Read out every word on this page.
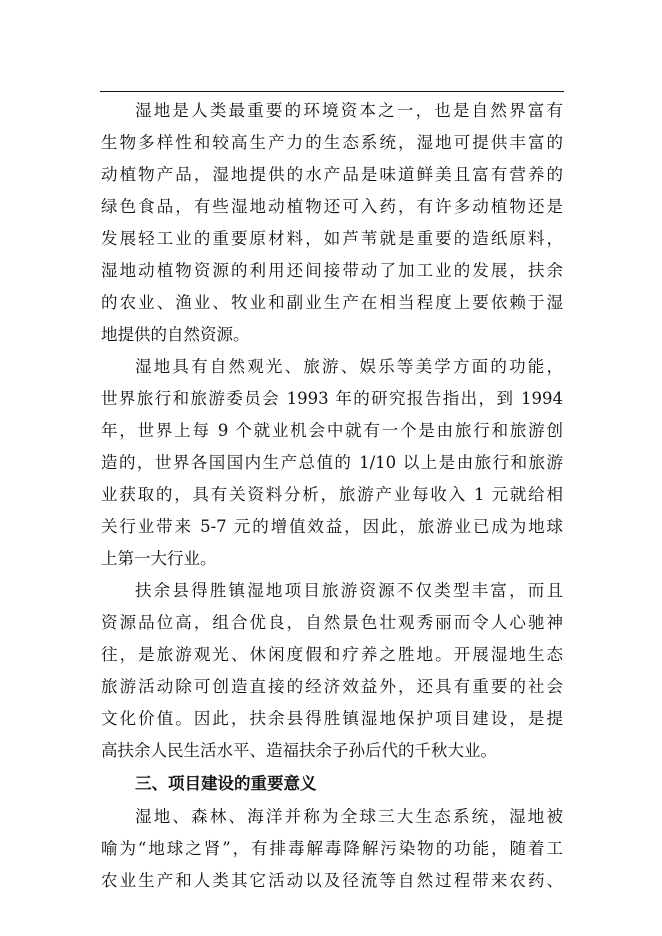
湿地是人类最重要的环境资本之一，也是自然界富有
生物多样性和较高生产力的生态系统，湿地可提供丰富的
动植物产品，湿地提供的水产品是味道鲜美且富有营养的
绿色食品，有些湿地动植物还可入药，有许多动植物还是
发展轻工业的重要原材料，如芦苇就是重要的造纸原料，
湿地动植物资源的利用还间接带动了加工业的发展，扶余
的农业、渔业、牧业和副业生产在相当程度上要依赖于湿
地提供的自然资源。
湿地具有自然观光、旅游、娱乐等美学方面的功能，
世界旅行和旅游委员会 1993 年的研究报告指出，到 1994
年，世界上每 9 个就业机会中就有一个是由旅行和旅游创
造的，世界各国国内生产总值的 1/10 以上是由旅行和旅游
业获取的，具有关资料分析，旅游产业每收入 1 元就给相
关行业带来 5-7 元的增值效益，因此，旅游业已成为地球
上第一大行业。
扶余县得胜镇湿地项目旅游资源不仅类型丰富，而且
资源品位高，组合优良，自然景色壮观秀丽而令人心驰神
往，是旅游观光、休闲度假和疗养之胜地。开展湿地生态
旅游活动除可创造直接的经济效益外，还具有重要的社会
文化价值。因此，扶余县得胜镇湿地保护项目建设，是提
高扶余人民生活水平、造福扶余子孙后代的千秋大业。
三、项目建设的重要意义
湿地、森林、海洋并称为全球三大生态系统，湿地被
喻为“地球之肾”，有排毒解毒降解污染物的功能，随着工
农业生产和人类其它活动以及径流等自然过程带来农药、
